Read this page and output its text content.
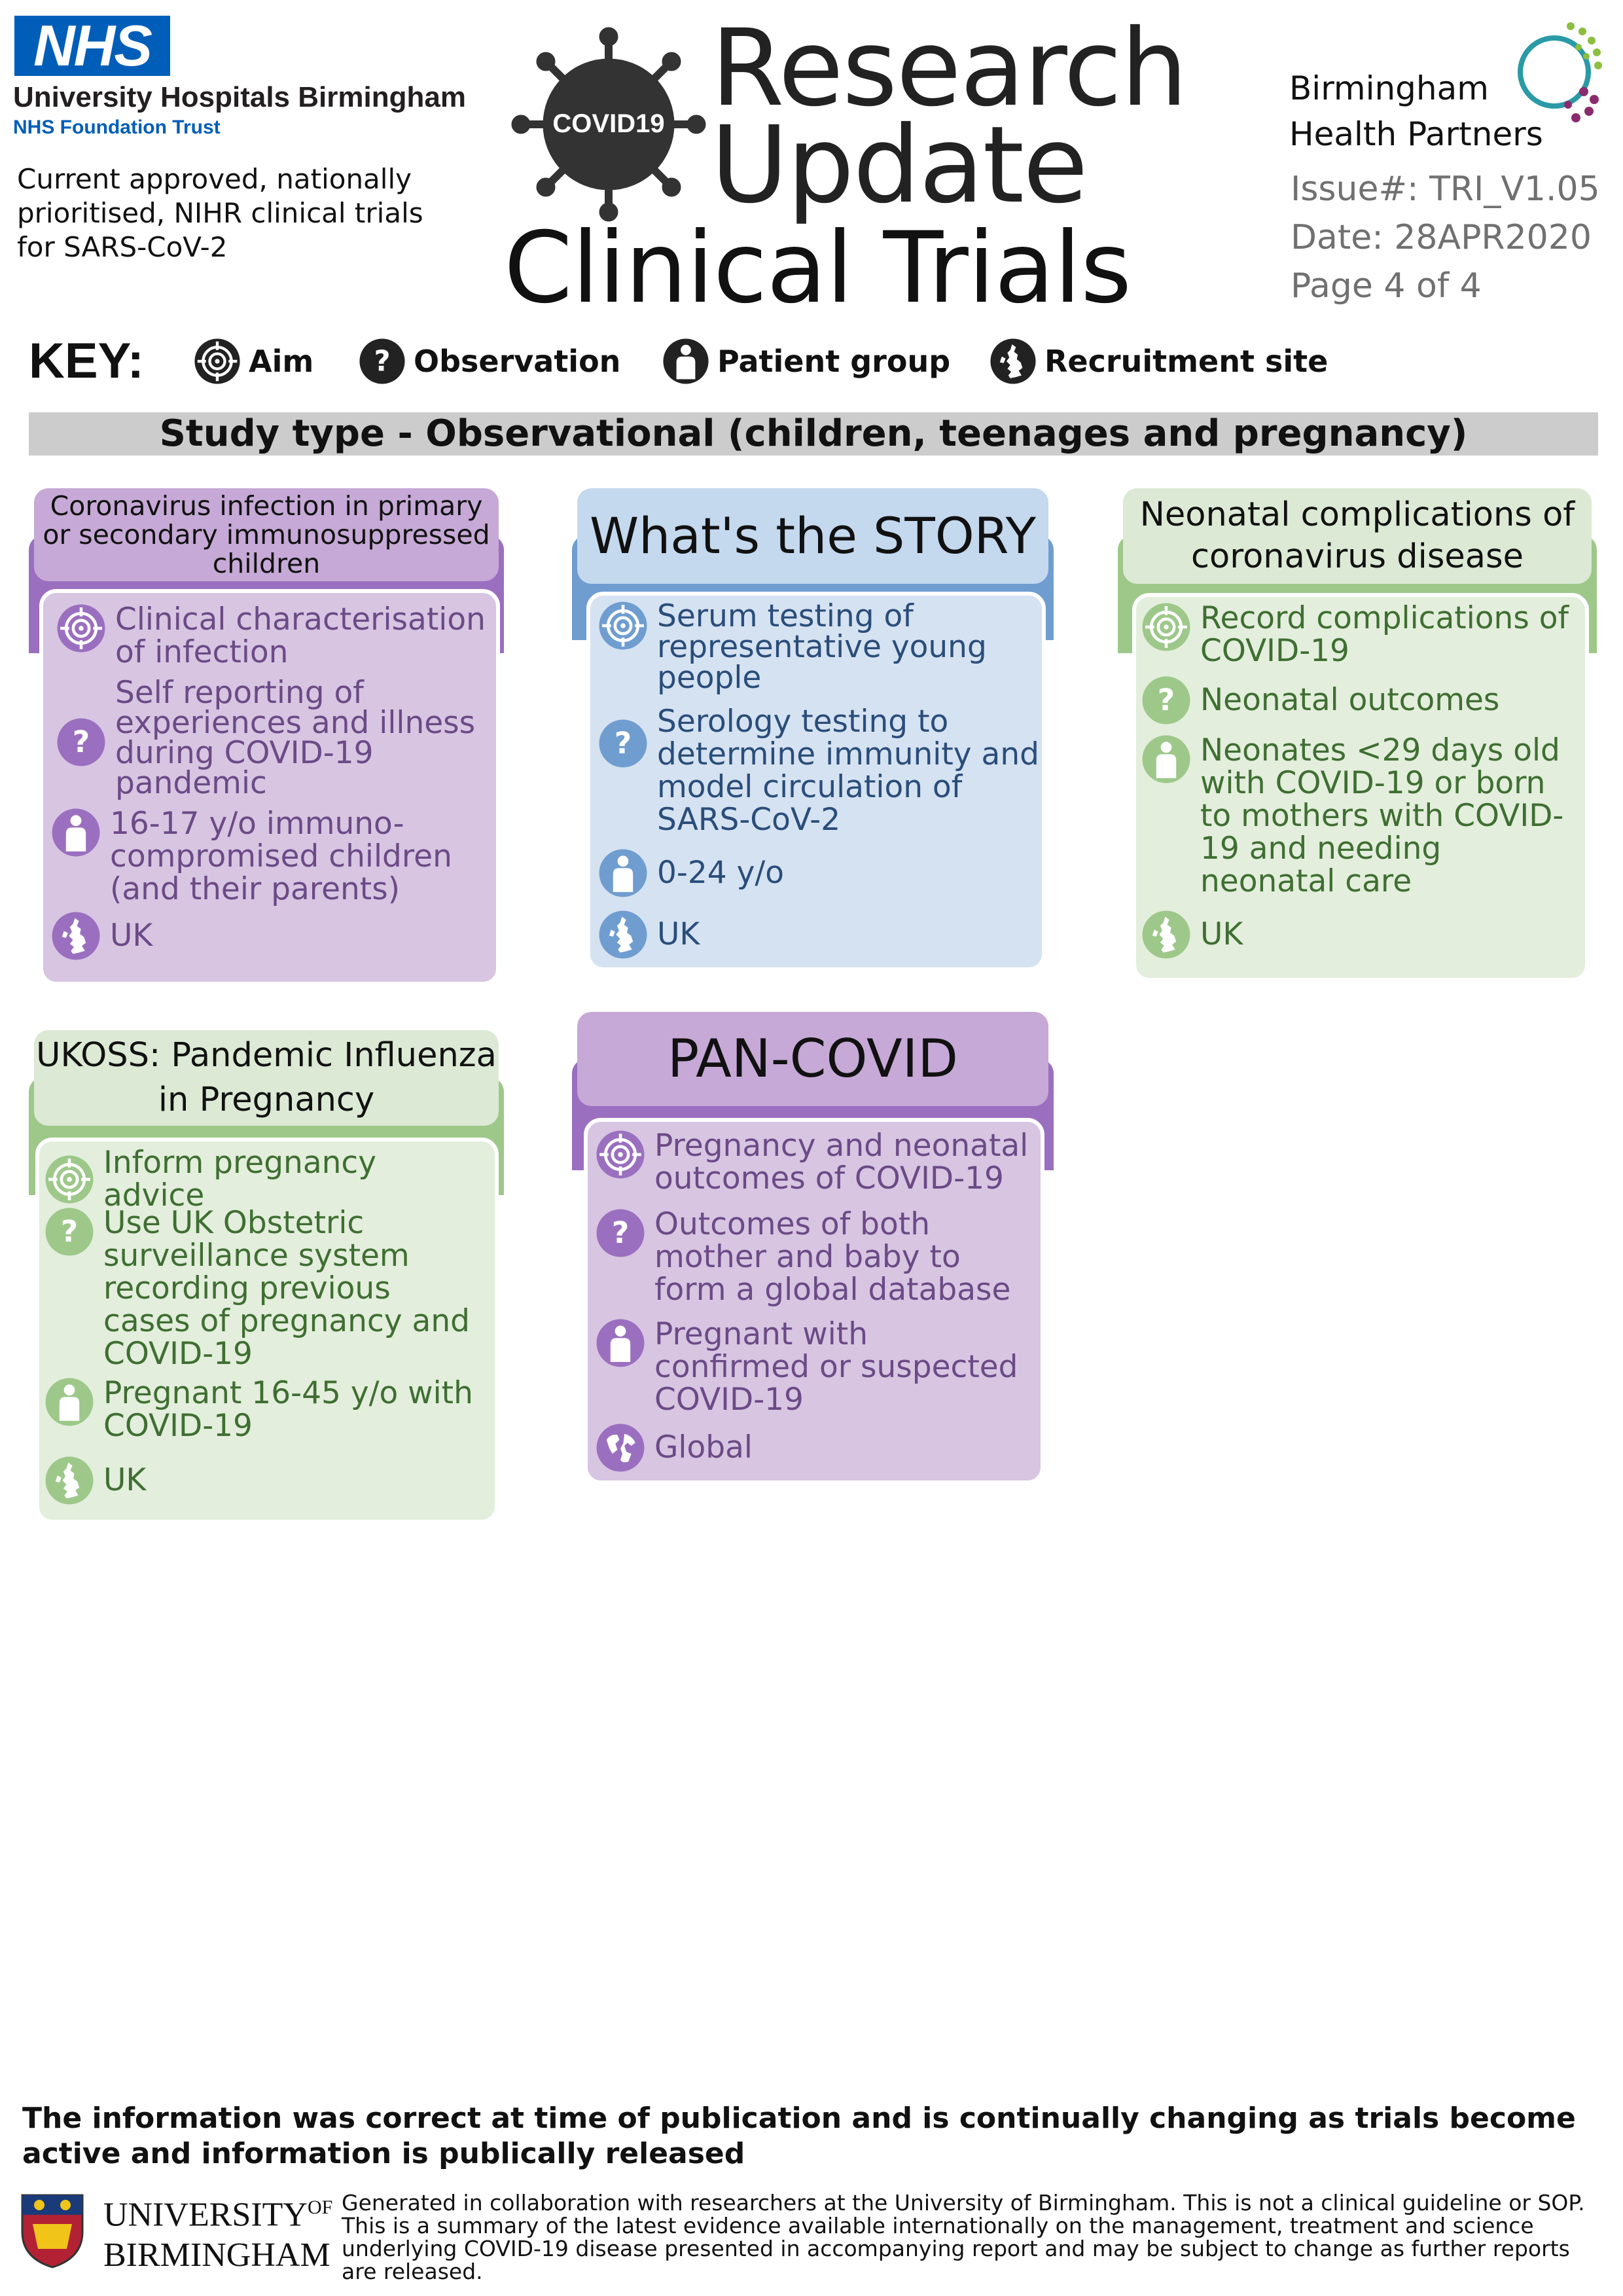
NHS
University Hospitals Birmingham
NHS Foundation Trust
Current approved, nationally prioritised, NIHR clinical trials for SARS-CoV-2
COVID19 Research
Update
Clinical Trials
Birmingham
Health Partners
Issue#: TRI_V1.05
Date: 28APR2020
Page 4 of 4
KEY:	Aim	Observation	Patient group	Recruitment site
Study type - Observational (children, teenages and pregnancy)
Coronavirus infection in primary or secondary immunosuppressed children
Clinical characterisation of infection
Self reporting of experiences and illness during COVID-19 pandemic
16-17 y/o immuno-compromised children (and their parents)
UK
What's the STORY
Serum testing of representative young people
Serology testing to determine immunity and model circulation of SARS-CoV-2
0-24 y/o
UK
Neonatal complications of coronavirus disease
Record complications of COVID-19
Neonatal outcomes
Neonates <29 days old with COVID-19 or born to mothers with COVID-19 and needing neonatal care
UK
UKOSS: Pandemic Influenza in Pregnancy
Inform pregnancy advice
Use UK Obstetric surveillance system recording previous cases of pregnancy and COVID-19
Pregnant 16-45 y/o with COVID-19
UK
PAN-COVID
Pregnancy and neonatal outcomes of COVID-19
Outcomes of both mother and baby to form a global database
Pregnant with confirmed or suspected COVID-19
Global
The information was correct at time of publication and is continually changing as trials become active and information is publically released
$UNIVERSITY^{OF}$
BIRMINGHAM
Generated in collaboration with researchers at the University of Birmingham. This is not a clinical guideline or SOP. This is a summary of the latest evidence available internationally on the management, treatment and science underlying COVID-19 disease presented in accompanying report and may be subject to change as further reports are released.
